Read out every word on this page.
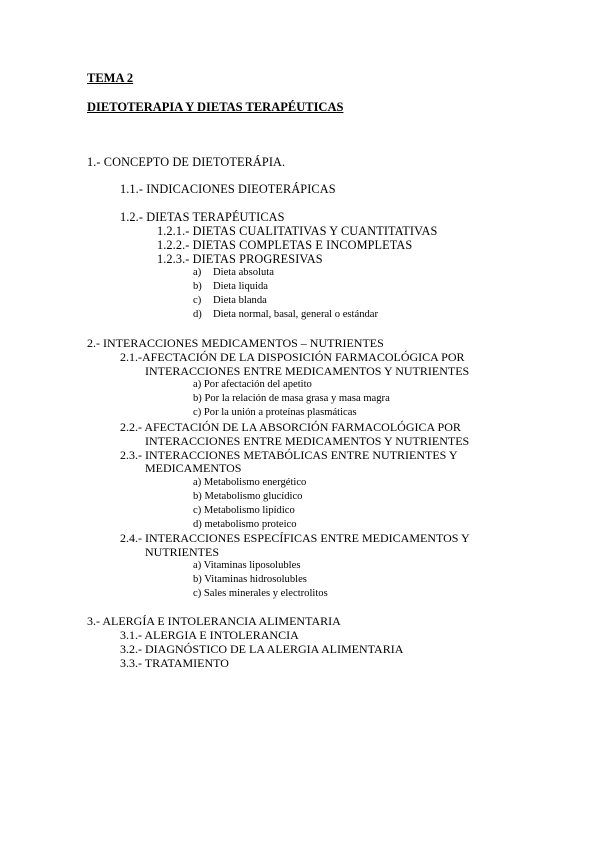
TEMA 2
DIETOTERAPIA Y DIETAS TERAPÉUTICAS
1.- CONCEPTO DE DIETOTERÁPIA.
1.1.- INDICACIONES DIEOTERÁPICAS
1.2.- DIETAS TERAPÉUTICAS
1.2.1.- DIETAS CUALITATIVAS Y CUANTITATIVAS
1.2.2.- DIETAS COMPLETAS E INCOMPLETAS
1.2.3.- DIETAS PROGRESIVAS
a) Dieta absoluta
b) Dieta liquida
c) Dieta blanda
d) Dieta normal, basal, general o estándar
2.- INTERACCIONES MEDICAMENTOS – NUTRIENTES
2.1.-AFECTACIÓN DE LA DISPOSICIÓN FARMACOLÓGICA POR
INTERACCIONES ENTRE MEDICAMENTOS Y NUTRIENTES
a) Por afectación del apetito
b) Por la relación de masa grasa y masa magra
c) Por la unión a proteínas plasmáticas
2.2.- AFECTACIÓN DE LA ABSORCIÓN FARMACOLÓGICA POR
INTERACCIONES ENTRE MEDICAMENTOS Y NUTRIENTES
2.3.- INTERACCIONES METABÓLICAS ENTRE NUTRIENTES Y
MEDICAMENTOS
a) Metabolismo energético
b) Metabolismo glucídico
c) Metabolismo lipídico
d) metabolismo proteico
2.4.- INTERACCIONES ESPECÍFICAS ENTRE MEDICAMENTOS Y
NUTRIENTES
a) Vitaminas liposolubles
b) Vitaminas hidrosolubles
c) Sales minerales y electrolitos
3.- ALERGÍA E INTOLERANCIA ALIMENTARIA
3.1.- ALERGIA E INTOLERANCIA
3.2.- DIAGNÓSTICO DE LA ALERGIA ALIMENTARIA
3.3.- TRATAMIENTO
